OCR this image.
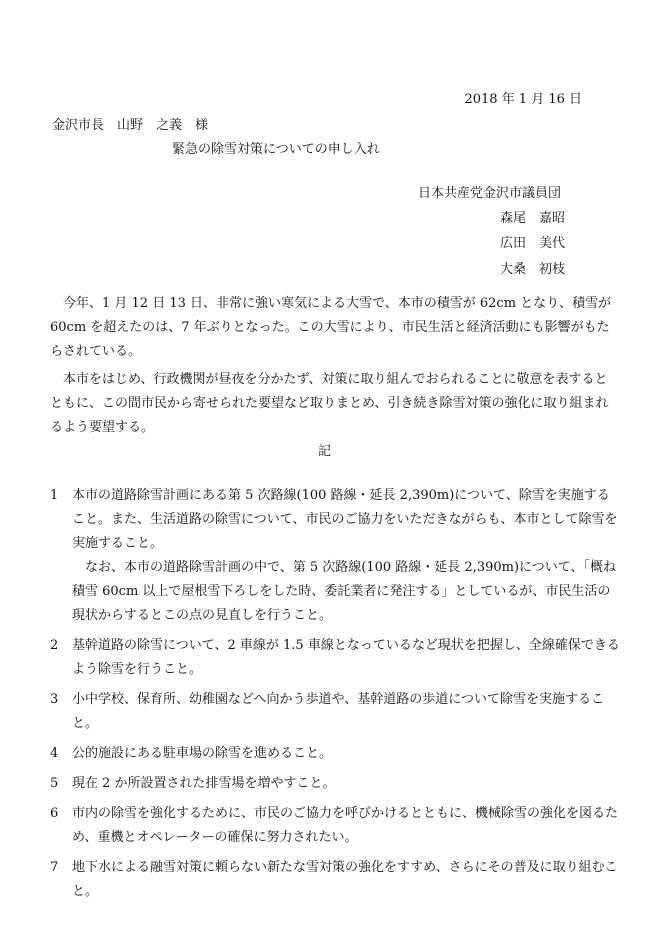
2018 年 1 月 16 日
金沢市長　山野　之義　様
緊急の除雪対策についての申し入れ
日本共産党金沢市議員団
森尾　嘉昭
広田　美代
大桑　初枝
今年、1 月 12 日 13 日、非常に強い寒気による大雪で、本市の積雪が 62cm となり、積雪が 60cm を超えたのは、7 年ぶりとなった。この大雪により、市民生活と経済活動にも影響がもたらされている。
本市をはじめ、行政機関が昼夜を分かたず、対策に取り組んでおられることに敬意を表するとともに、この間市民から寄せられた要望など取りまとめ、引き続き除雪対策の強化に取り組まれるよう要望する。
記
1	本市の道路除雪計画にある第 5 次路線(100 路線・延長 2,390m)について、除雪を実施すること。また、生活道路の除雪について、市民のご協力をいただきながらも、本市として除雪を実施すること。
なお、本市の道路除雪計画の中で、第 5 次路線(100 路線・延長 2,390m)について、「概ね積雪 60cm 以上で屋根雪下ろしをした時、委託業者に発注する」としているが、市民生活の現状からするとこの点の見直しを行うこと。
2	基幹道路の除雪について、2 車線が 1.5 車線となっているなど現状を把握し、全線確保できるよう除雪を行うこと。
3	小中学校、保育所、幼稚園などへ向かう歩道や、基幹道路の歩道について除雪を実施すること。
4	公的施設にある駐車場の除雪を進めること。
5	現在 2 か所設置された排雪場を増やすこと。
6	市内の除雪を強化するために、市民のご協力を呼びかけるとともに、機械除雪の強化を図るため、重機とオペレーターの確保に努力されたい。
7	地下水による融雪対策に頼らない新たな雪対策の強化をすすめ、さらにその普及に取り組むこと。
